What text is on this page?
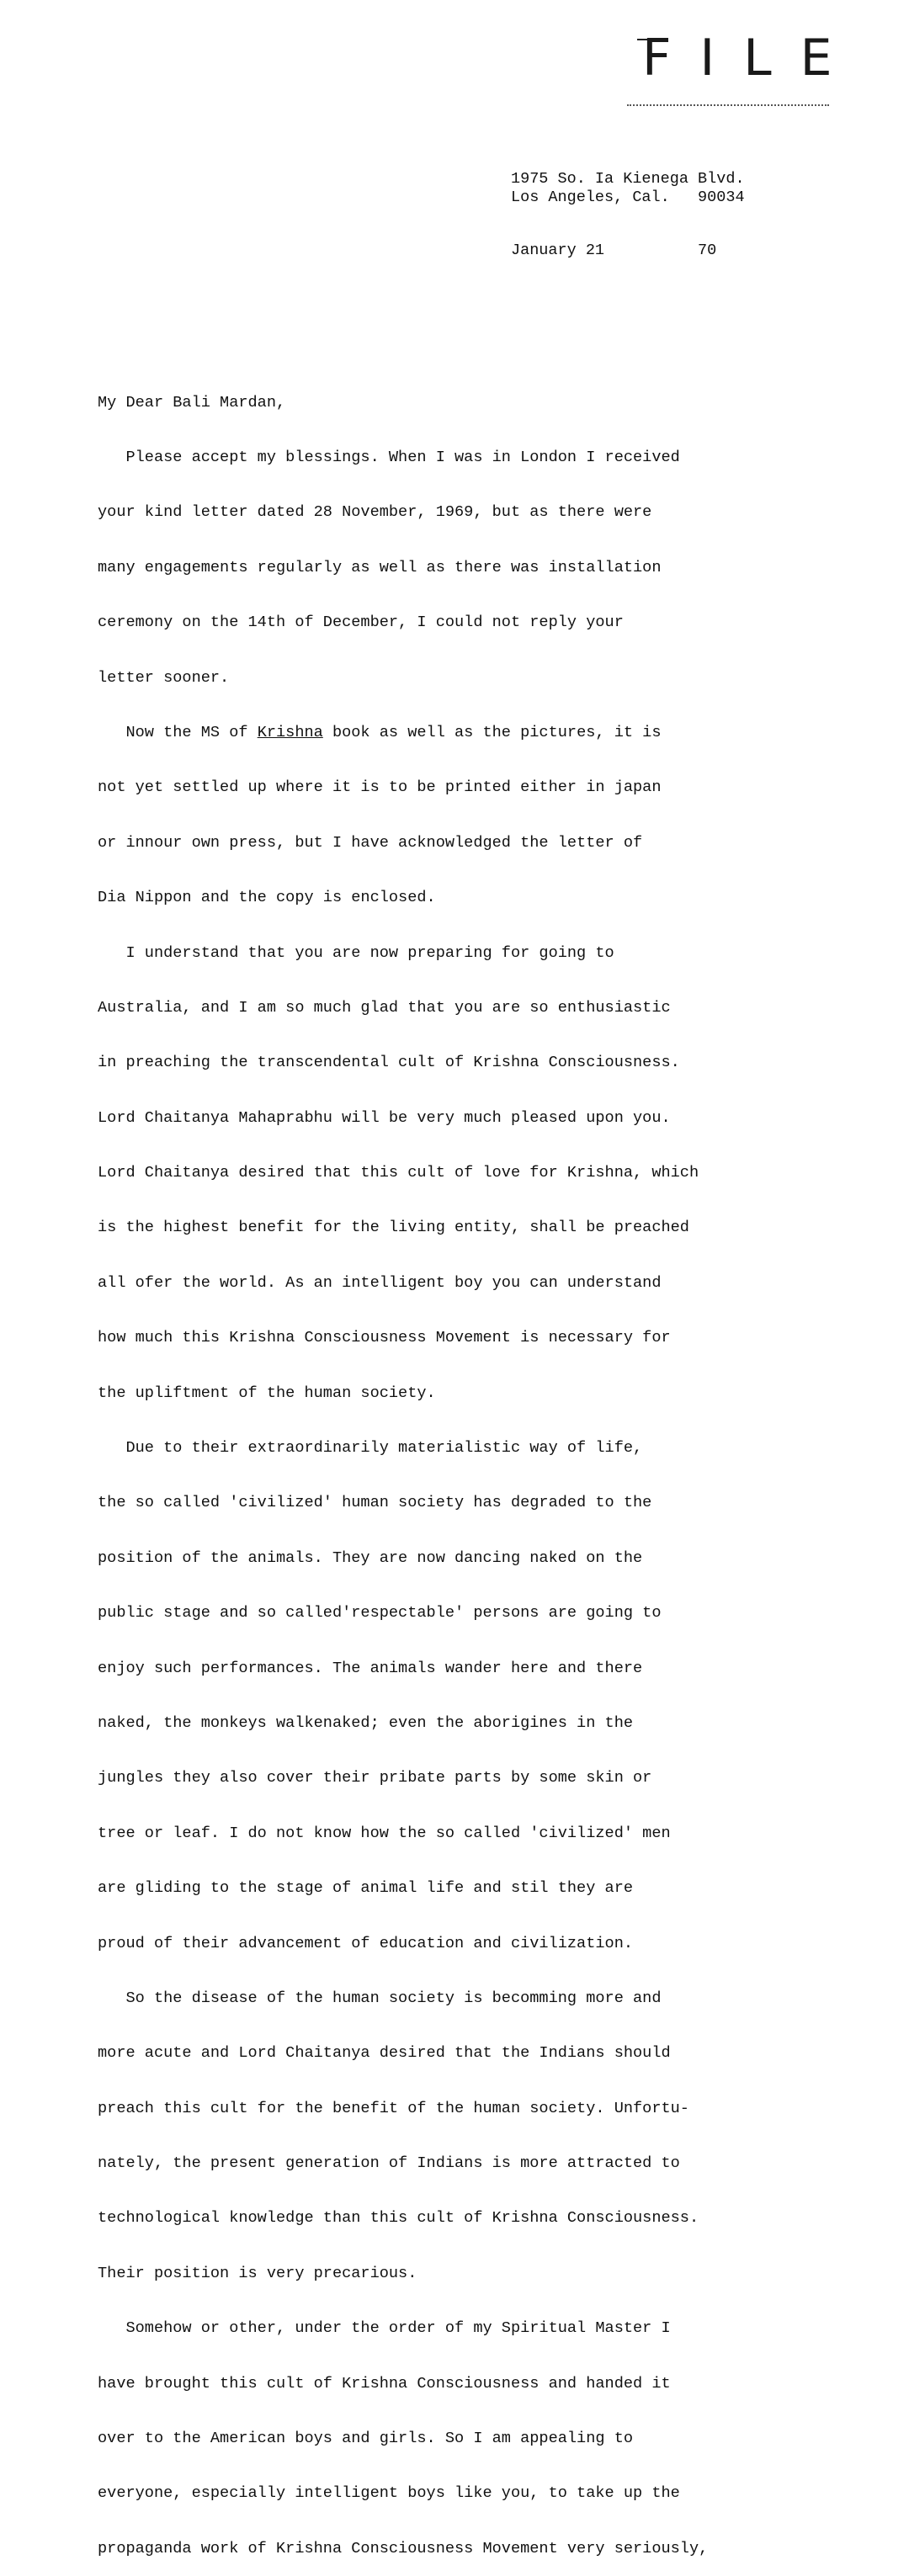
FILE
1975 So. Ia Kienega Blvd.
Los Angeles, Cal.   90034
January 21          70

My Dear Bali Mardan,

Please accept my blessings. When I was in London I received

your kind letter dated 28 November, 1969, but as there were

many engagements regularly as well as there was installation

ceremony on the 14th of December, I could not reply your

letter sooner.

Now the MS of Krishna book as well as the pictures, it is

not yet settled up where it is to be printed either in japan

or innour own press, but I have acknowledged the letter of

Dia Nippon and the copy is enclosed.

I understand that you are now preparing for going to

Australia, and I am so much glad that you are so enthusiastic

in preaching the transcendental cult of Krishna Consciousness.

Lord Chaitanya Mahaprabhu will be very much pleased upon you.

Lord Chaitanya desired that this cult of love for Krishna, which

is the highest benefit for the living entity, shall be preached

all ofer the world. As an intelligent boy you can understand

how much this Krishna Consciousness Movement is necessary for

the upliftment of the human society.

Due to their extraordinarily materialistic way of life,

the so called 'civilized' human society has degraded to the

position of the animals. They are now dancing naked on the

public stage and so called'respectable' persons are going to

enjoy such performances. The animals wander here and there

naked, the monkeys walkenaked; even the aborigines in the

jungles they also cover their pribate parts by some skin or

tree or leaf. I do not know how the so called 'civilized' men

are gliding to the stage of animal life and stil they are

proud of their advancement of education and civilization.

So the disease of the human society is becomming more and

more acute and Lord Chaitanya desired that the Indians should

preach this cult for the benefit of the human society. Unfortu-

nately, the present generation of Indians is more attracted to

technological knowledge than this cult of Krishna Consciousness.

Their position is very precarious.

Somehow or other, under the order of my Spiritual Master I

have brought this cult of Krishna Consciousness and handed it

over to the American boys and girls. So I am appealing to

everyone, especially intelligent boys like you, to take up the

propaganda work of Krishna Consciousness Movement very seriously,
